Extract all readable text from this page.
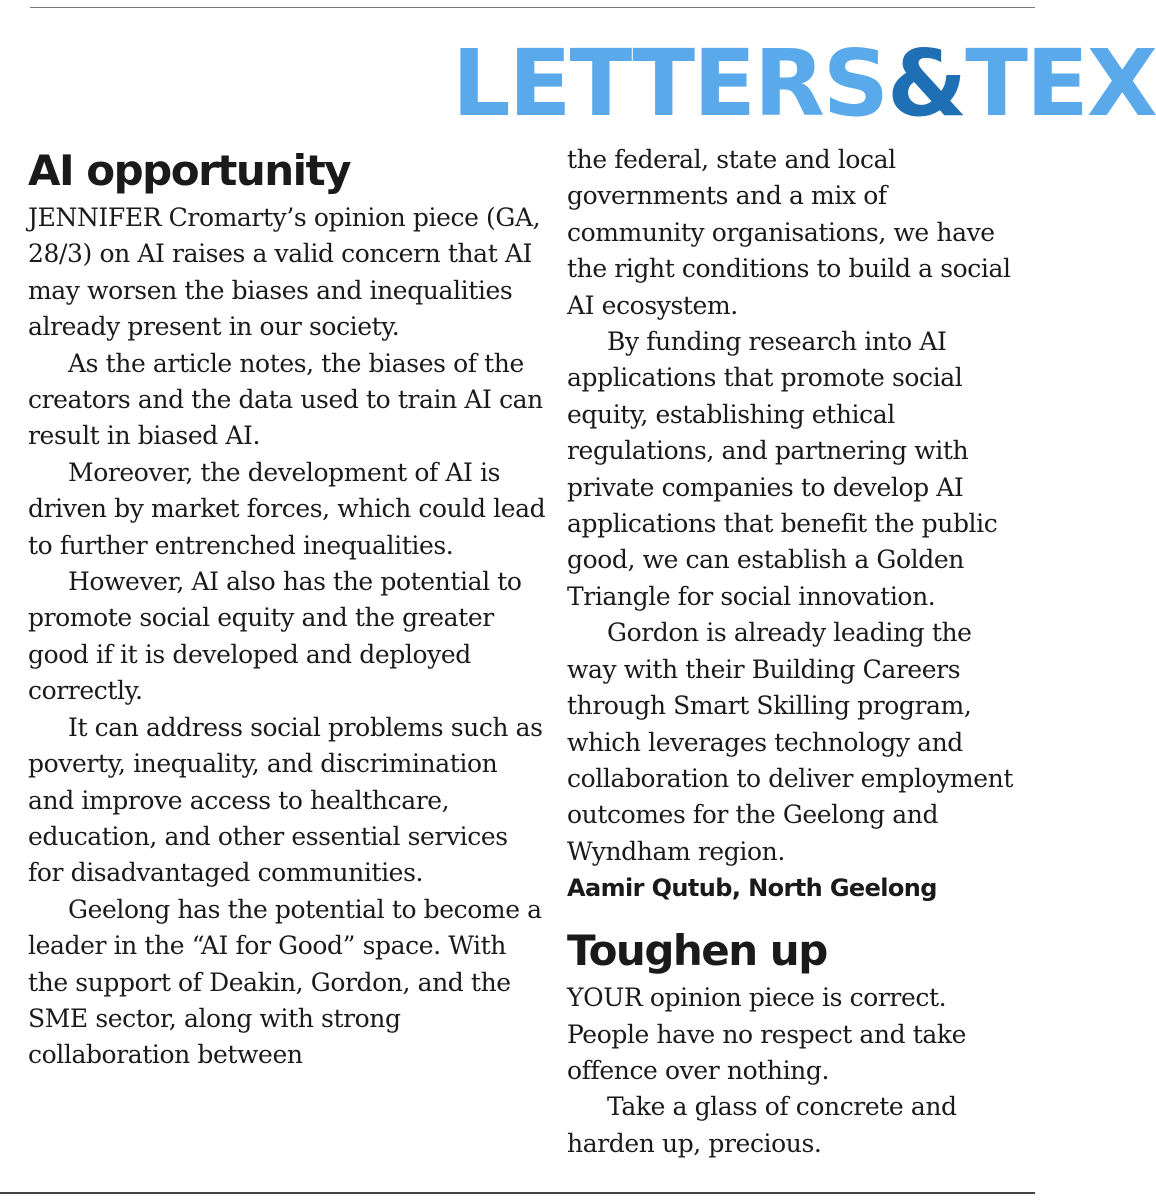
LETTERS&TEX
AI opportunity

JENNIFER Cromarty’s opinion piece (GA, 28/3) on AI raises a valid concern that AI may worsen the biases and inequalities already present in our society.

As the article notes, the biases of the creators and the data used to train AI can result in biased AI.

Moreover, the development of AI is driven by market forces, which could lead to further entrenched inequalities.

However, AI also has the potential to promote social equity and the greater good if it is developed and deployed correctly.

It can address social problems such as poverty, inequality, and discrimination and improve access to healthcare, education, and other essential services for disadvantaged communities.

Geelong has the potential to become a leader in the “AI for Good” space. With the support of Deakin, Gordon, and the SME sector, along with strong collaboration between

the federal, state and local

governments and a mix of

community organisations, we have

the right conditions to build a social

AI ecosystem.

By funding research into AI

applications that promote social

equity, establishing ethical

regulations, and partnering with

private companies to develop AI

applications that benefit the public

good, we can establish a Golden

Triangle for social innovation.

Gordon is already leading the

way with their Building Careers

through Smart Skilling program,

which leverages technology and

collaboration to deliver employment

outcomes for the Geelong and

Wyndham region.

Aamir Qutub, North Geelong

Toughen up

YOUR opinion piece is correct.

People have no respect and take

offence over nothing.

Take a glass of concrete and

harden up, precious.
